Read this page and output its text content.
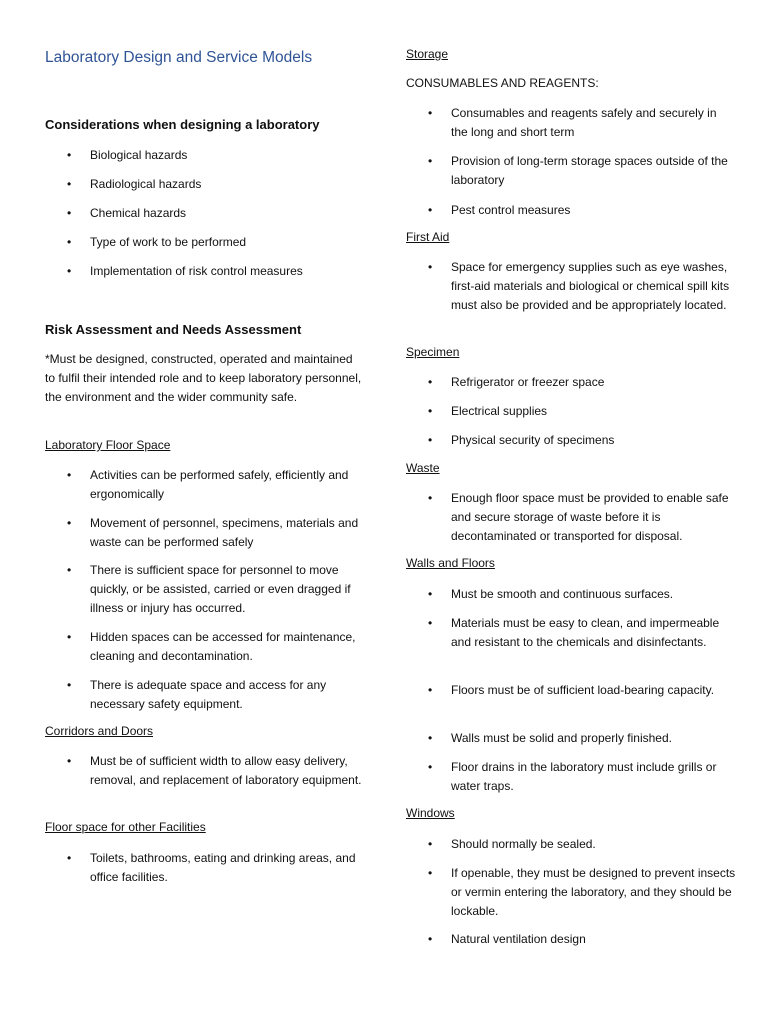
Laboratory Design and Service Models
Considerations when designing a laboratory
• Biological hazards
• Radiological hazards
• Chemical hazards
• Type of work to be performed
• Implementation of risk control measures
Risk Assessment and Needs Assessment
*Must be designed, constructed, operated and maintained to fulfil their intended role and to keep laboratory personnel, the environment and the wider community safe.
Laboratory Floor Space
• Activities can be performed safely, efficiently and ergonomically
• Movement of personnel, specimens, materials and waste can be performed safely
• There is sufficient space for personnel to move quickly, or be assisted, carried or even dragged if illness or injury has occurred.
• Hidden spaces can be accessed for maintenance, cleaning and decontamination.
• There is adequate space and access for any necessary safety equipment.
Corridors and Doors
• Must be of sufficient width to allow easy delivery, removal, and replacement of laboratory equipment.
Floor space for other Facilities
• Toilets, bathrooms, eating and drinking areas, and office facilities.
Storage
CONSUMABLES AND REAGENTS:
• Consumables and reagents safely and securely in the long and short term
• Provision of long-term storage spaces outside of the laboratory
• Pest control measures
First Aid
• Space for emergency supplies such as eye washes, first-aid materials and biological or chemical spill kits must also be provided and be appropriately located.
Specimen
• Refrigerator or freezer space
• Electrical supplies
• Physical security of specimens
Waste
• Enough floor space must be provided to enable safe and secure storage of waste before it is decontaminated or transported for disposal.
Walls and Floors
• Must be smooth and continuous surfaces.
• Materials must be easy to clean, and impermeable and resistant to the chemicals and disinfectants.
• Floors must be of sufficient load-bearing capacity.
• Walls must be solid and properly finished.
• Floor drains in the laboratory must include grills or water traps.
Windows
• Should normally be sealed.
• If openable, they must be designed to prevent insects or vermin entering the laboratory, and they should be lockable.
• Natural ventilation design
